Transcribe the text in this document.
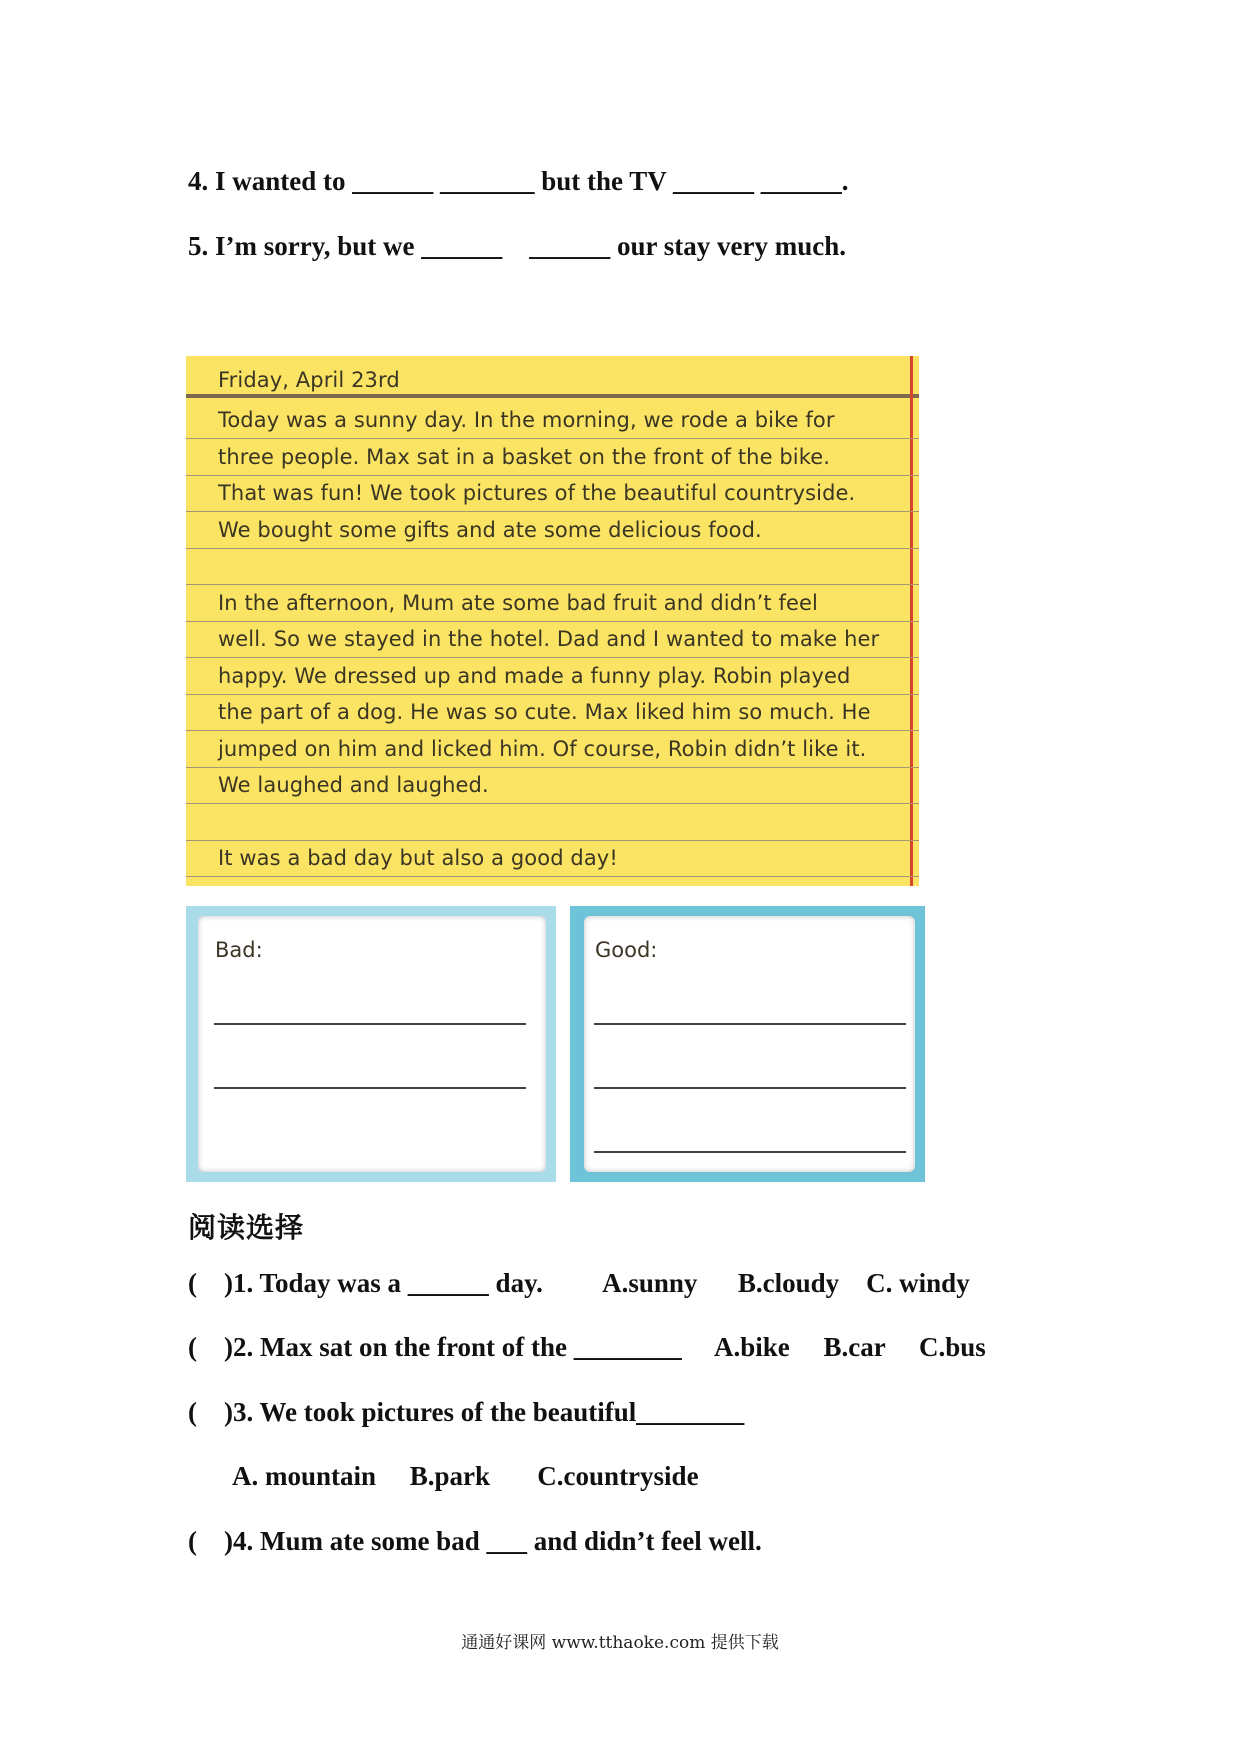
4. I wanted to ______ _______ but the TV ______ ______.
5. I’m sorry, but we ______    ______ our stay very much.
Friday, April 23rd
Today was a sunny day. In the morning, we rode a bike for
three people. Max sat in a basket on the front of the bike.
That was fun! We took pictures of the beautiful countryside.
We bought some gifts and ate some delicious food.
In the afternoon, Mum ate some bad fruit and didn’t feel
well. So we stayed in the hotel. Dad and I wanted to make her
happy. We dressed up and made a funny play. Robin played
the part of a dog. He was so cute. Max liked him so much. He
jumped on him and licked him. Of course, Robin didn’t like it.
We laughed and laughed.
It was a bad day but also a good day!
Bad:	Good:
阅读选择
(    )1. Today was a ______ day.         A.sunny      B.cloudy    C. windy
(    )2. Max sat on the front of the ________     A.bike     B.car     C.bus
(    )3. We took pictures of the beautiful________
A. mountain     B.park       C.countryside
(    )4. Mum ate some bad ___ and didn’t feel well.
通通好课网 www.tthaoke.com 提供下载
